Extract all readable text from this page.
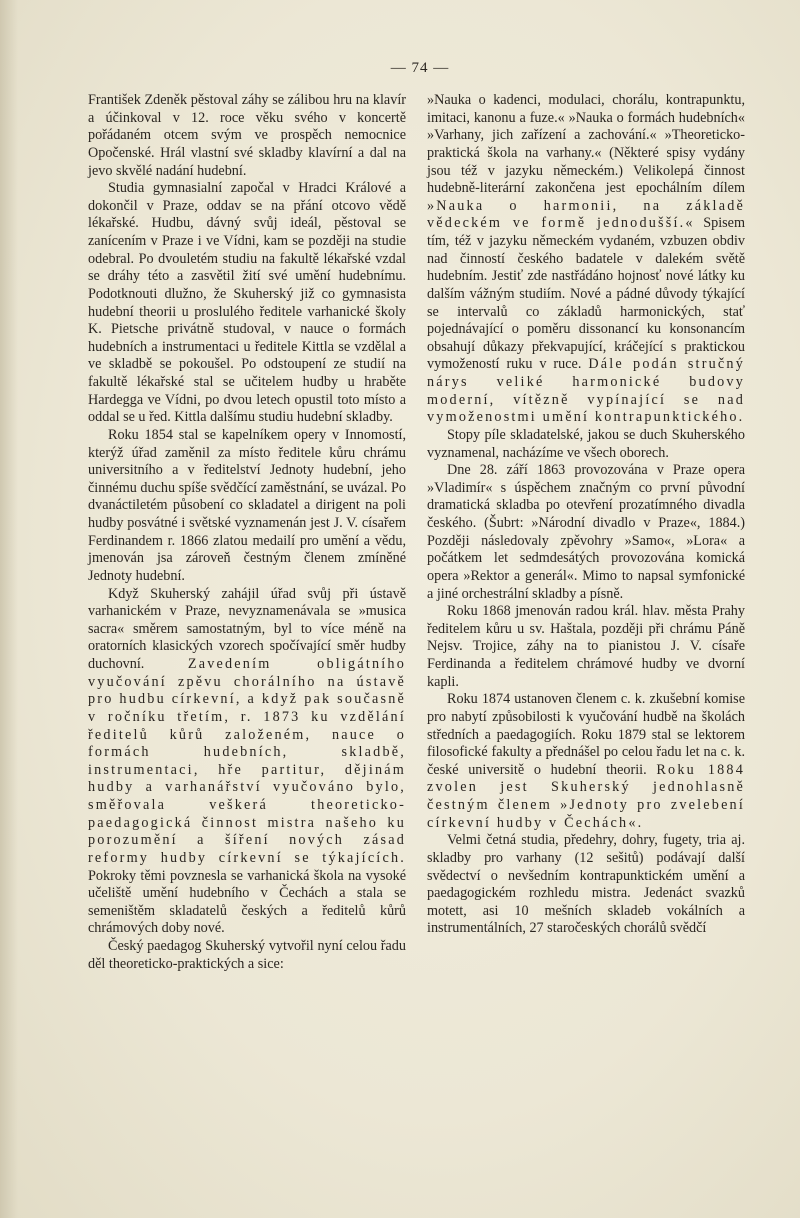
— 74 —

František Zdeněk pěstoval záhy se zálibou hru na klavír a účinkoval v 12. roce věku svého v koncertě pořádaném otcem svým ve prospěch nemocnice Opočenské. Hrál vlastní své skladby klavírní a dal na jevo skvělé nadání hudební.

Studia gymnasialní započal v Hradci Králové a dokončil v Praze, oddav se na přání otcovo vědě lékařské. Hudbu, dávný svůj ideál, pěstoval se zanícením v Praze i ve Vídni, kam se později na studie odebral. Po dvouletém studiu na fakultě lékařské vzdal se dráhy této a zasvětil žití své umění hudebnímu. Podotknouti dlužno, že Skuherský již co gymnasista hudební theorii u proslulého ředitele varhanické školy K. Pietsche privátně studoval, v nauce o formách hudebních a instrumentaci u ředitele Kittla se vzdělal a ve skladbě se pokoušel. Po odstoupení ze studií na fakultě lékařské stal se učitelem hudby u hraběte Hardegga ve Vídni, po dvou letech opustil toto místo a oddal se u řed. Kittla dalšímu studiu hudební skladby.

Roku 1854 stal se kapelníkem opery v Innomostí, kterýž úřad zaměnil za místo ředitele kůru chrámu universitního a v ředitelství Jednoty hudební, jeho činnému duchu spíše svědčící zaměstnání, se uvázal. Po dvanáctiletém působení co skladatel a dirigent na poli hudby posvátné i světské vyznamenán jest J. V. císařem Ferdinandem r. 1866 zlatou medailí pro umění a vědu, jmenován jsa zároveň čestným členem zmíněné Jednoty hudební.

Když Skuherský zahájil úřad svůj při ústavě varhanickém v Praze, nevyznamenávala se »musica sacra« směrem samostatným, byl to více méně na oratorních klasických vzorech spočívající směr hudby duchovní.	Zavedením obligátního vyučování zpěvu chorálního na ústavě pro hudbu církevní, a když pak současně v ročníku třetím, r. 1873 ku vzdělání ředitelů kůrů založeném, nauce o formách hudebních, skladbě, instrumentaci, hře partitur, dějinám hudby a varhanářství vyučováno bylo, směřovala veškerá theoreticko-paedagogická činnost mistra našeho ku porozumění a šíření nových zásad reformy hudby církevní se týkajících. Pokroky těmi povznesla se varhanická škola na vysoké učeliště umění hudebního v Čechách a stala se semeništěm skladatelů českých a ředitelů kůrů chrámových doby nové.

Český paedagog Skuherský vytvořil nyní celou řadu děl theoreticko-praktických a sice:

»Nauka o kadenci, modulaci, chorálu, kontrapunktu, imitaci, kanonu a fuze.« »Nauka o formách hudebních« »Varhany, jich zařízení a zachování.« »Theoreticko-praktická škola na varhany.« (Některé spisy vydány jsou též v jazyku německém.) Velikolepá činnost hudebně-literární zakončena jest epochálním dílem »Nauka o harmonii, na základě vědeckém ve formě jednodušší.« Spisem tím, též v jazyku německém vydaném, vzbuzen obdiv nad činností českého badatele v dalekém světě hudebním. Jestiť zde nastřádáno hojnosť nové látky ku dalším vážným studiím. Nové a pádné důvody týkající se intervalů co základů harmonických, stať pojednávající o poměru dissonancí ku konsonancím obsahují důkazy překvapující, kráčející s praktickou vymožeností ruku v ruce. Dále podán stručný nárys veliké harmonické budovy moderní, vítězně vypínající se nad vymoženostmi umění kontrapunktického.

Stopy píle skladatelské, jakou se duch Skuherského vyznamenal, nacházíme ve všech oborech.

Dne 28. září 1863 provozována v Praze opera »Vladimír« s úspěchem značným co první původní dramatická skladba po otevření prozatímného divadla českého. (Šubrt: »Národní divadlo v Praze«, 1884.) Později následovaly zpěvohry »Samo«, »Lora« a počátkem let sedmdesátých provozována komická opera »Rektor a generál«. Mimo to napsal symfonické a jiné orchestrální skladby a písně.

Roku 1868 jmenován radou král. hlav. města Prahy ředitelem kůru u sv. Haštala, později při chrámu Páně Nejsv. Trojice, záhy na to pianistou J. V. císaře Ferdinanda a ředitelem chrámové hudby ve dvorní kapli.

Roku 1874 ustanoven členem c. k. zkušební komise pro nabytí způsobilosti k vyučování hudbě na školách středních a paedagogiích. Roku 1879 stal se lektorem filosofické fakulty a přednášel po celou řadu let na c. k. české universitě o hudební theorii. Roku 1884 zvolen jest Skuherský jednohlasně čestným členem »Jednoty pro zvelebení církevní hudby v Čechách«.

Velmi četná studia, předehry, dohry, fugety, tria aj. skladby pro varhany (12 sešitů) podávají další svědectví o nevšedním kontrapunktickém umění a paedagogickém rozhledu mistra. Jedenáct svazků motett, asi 10 mešních skladeb vokálních a instrumentálních, 27 staročeských chorálů svědčí
